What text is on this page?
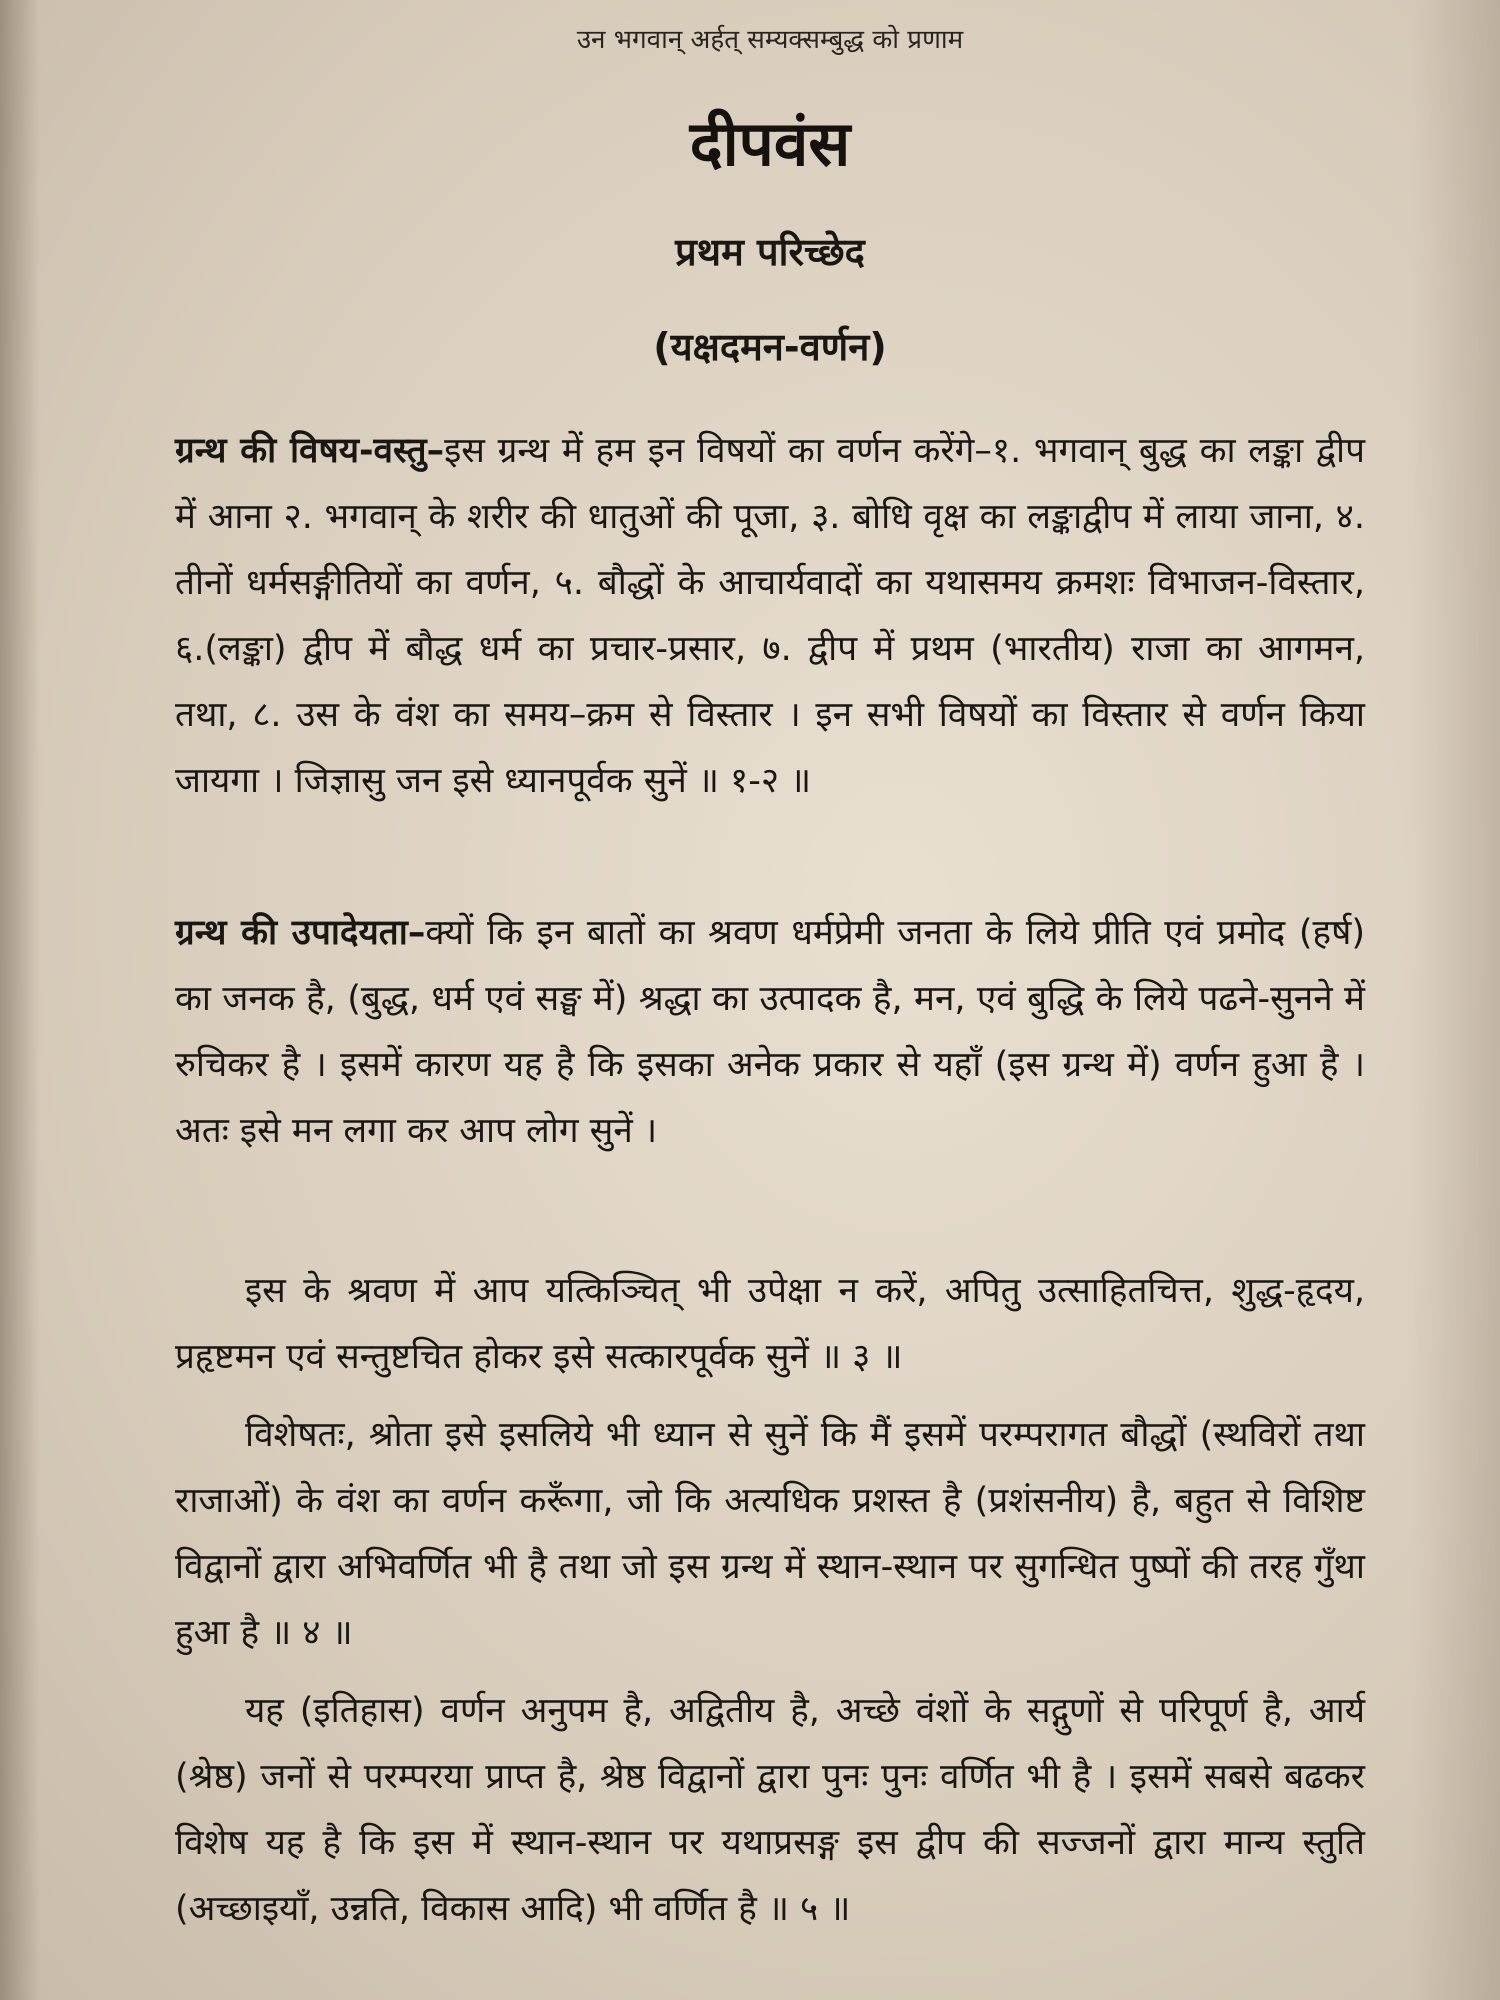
उन भगवान् अर्हत् सम्यक्सम्बुद्ध को प्रणाम
दीपवंस
प्रथम परिच्छेद
(यक्षदमन-वर्णन)

ग्रन्थ की विषय-वस्तु–इस ग्रन्थ में हम इन विषयों का वर्णन करेंगे–१. भगवान् बुद्ध का लङ्का द्वीप में आना २. भगवान् के शरीर की धातुओं की पूजा, ३. बोधि वृक्ष का लङ्काद्वीप में लाया जाना, ४. तीनों धर्मसङ्गीतियों का वर्णन, ५. बौद्धों के आचार्यवादों का यथासमय क्रमशः विभाजन-विस्तार, ६.(लङ्का) द्वीप में बौद्ध धर्म का प्रचार-प्रसार, ७. द्वीप में प्रथम (भारतीय) राजा का आगमन, तथा, ८. उस के वंश का समय–क्रम से विस्तार । इन सभी विषयों का विस्तार से वर्णन किया जायगा । जिज्ञासु जन इसे ध्यानपूर्वक सुनें ॥ १-२ ॥

ग्रन्थ की उपादेयता–क्यों कि इन बातों का श्रवण धर्मप्रेमी जनता के लिये प्रीति एवं प्रमोद (हर्ष) का जनक है, (बुद्ध, धर्म एवं सङ्घ में) श्रद्धा का उत्पादक है, मन, एवं बुद्धि के लिये पढने-सुनने में रुचिकर है । इसमें कारण यह है कि इसका अनेक प्रकार से यहाँ (इस ग्रन्थ में) वर्णन हुआ है । अतः इसे मन लगा कर आप लोग सुनें ।

इस के श्रवण में आप यत्किञ्चित् भी उपेक्षा न करें, अपितु उत्साहितचित्त, शुद्ध-हृदय, प्रहृष्टमन एवं सन्तुष्टचित होकर इसे सत्कारपूर्वक सुनें ॥ ३ ॥

विशेषतः, श्रोता इसे इसलिये भी ध्यान से सुनें कि मैं इसमें परम्परागत बौद्धों (स्थविरों तथा राजाओं) के वंश का वर्णन करूँगा, जो कि अत्यधिक प्रशस्त है (प्रशंसनीय) है, बहुत से विशिष्ट विद्वानों द्वारा अभिवर्णित भी है तथा जो इस ग्रन्थ में स्थान-स्थान पर सुगन्धित पुष्पों की तरह गुँथा हुआ है ॥ ४ ॥

यह (इतिहास) वर्णन अनुपम है, अद्वितीय है, अच्छे वंशों के सद्गुणों से परिपूर्ण है, आर्य (श्रेष्ठ) जनों से परम्परया प्राप्त है, श्रेष्ठ विद्वानों द्वारा पुनः पुनः वर्णित भी है । इसमें सबसे बढकर विशेष यह है कि इस में स्थान-स्थान पर यथाप्रसङ्ग इस द्वीप की सज्जनों द्वारा मान्य स्तुति (अच्छाइयाँ, उन्नति, विकास आदि) भी वर्णित है ॥ ५ ॥
